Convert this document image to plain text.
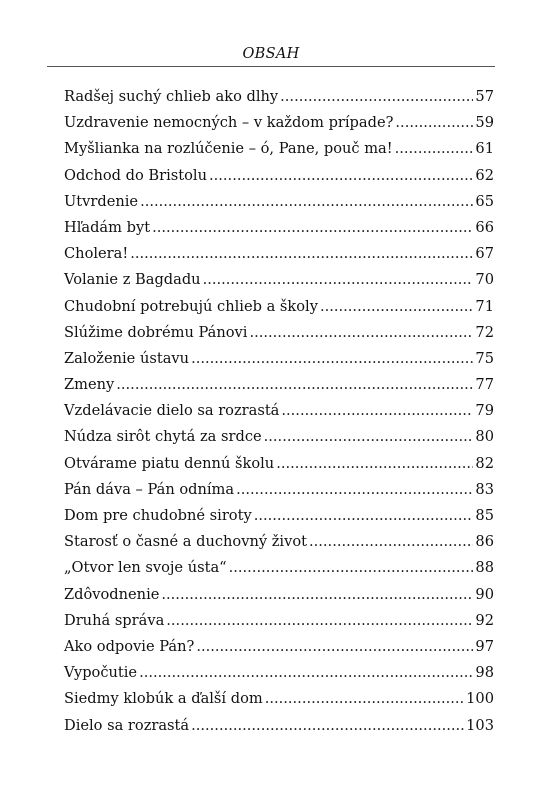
OBSAH
Radšej suchý chlieb ako dlhy .....	57
Uzdravenie nemocných – v každom prípade? .....	59
Myšlianka na rozlúčenie – ó, Pane, pouč ma! .....	61
Odchod do Bristolu .....	62
Utvrdenie .....	65
Hľadám byt .....	66
Cholera! .....	67
Volanie z Bagdadu .....	70
Chudobní potrebujú chlieb a školy .....	71
Slúžime dobrému Pánovi .....	72
Založenie ústavu .....	75
Zmeny .....	77
Vzdelávacie dielo sa rozrastá .....	79
Núdza sirôt chytá za srdce .....	80
Otvárame piatu dennú školu .....	82
Pán dáva – Pán odníma .....	83
Dom pre chudobné siroty .....	85
Starosť o časné a duchovný život .....	86
„Otvor len svoje ústa“ .....	88
Zdôvodnenie .....	90
Druhá správa .....	92
Ako odpovie Pán? .....	97
Vypočutie .....	98
Siedmy klobúk a ďalší dom .....	100
Dielo sa rozrastá .....	103
